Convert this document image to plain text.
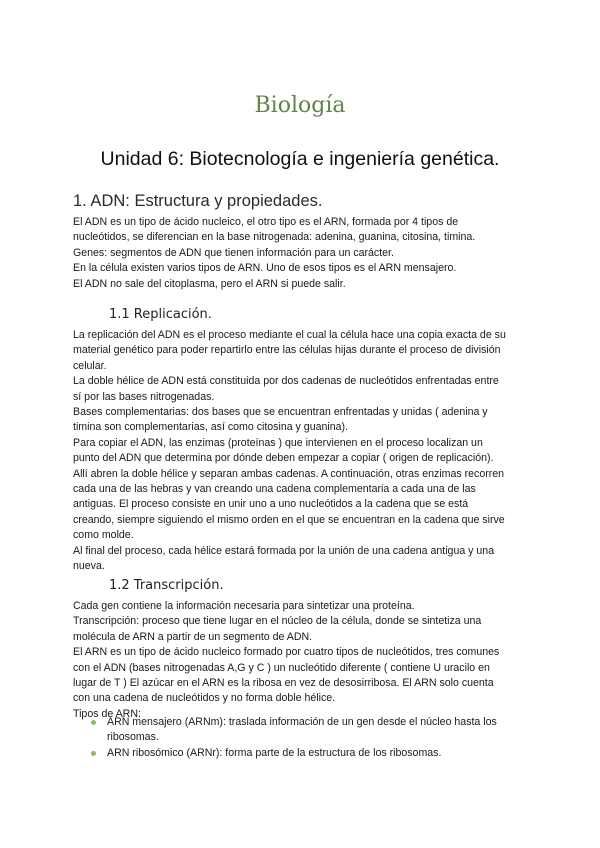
Biología
Unidad 6: Biotecnología e ingeniería genética.
1. ADN: Estructura y propiedades.
El ADN es un tipo de ácido nucleico, el otro tipo es el ARN, formada por 4 tipos de
nucleótidos, se diferencian en la base nitrogenada: adenina, guanina, citosina, timina.
Genes: segmentos de ADN que tienen información para un carácter.
En la célula existen varios tipos de ARN. Uno de esos tipos es el ARN mensajero.
El ADN no sale del citoplasma, pero el ARN si puede salir.
1.1 Replicación.
La replicación del ADN es el proceso mediante el cual la célula hace una copia exacta de su
material genético para poder repartirlo entre las células hijas durante el proceso de división
celular.
La doble hélice de ADN está constituida por dos cadenas de nucleótidos enfrentadas entre
sí por las bases nitrogenadas.
Bases complementarias: dos bases que se encuentran enfrentadas y unidas ( adenina y
timina son complementarias, así como citosina y guanina).
Para copiar el ADN, las enzimas (proteínas ) que intervienen en el proceso localizan un
punto del ADN que determina por dónde deben empezar a copiar ( origen de replicación).
Allí abren la doble hélice y separan ambas cadenas. A continuación, otras enzimas recorren
cada una de las hebras y van creando una cadena complementaria a cada una de las
antiguas. El proceso consiste en unir uno a uno nucleótidos a la cadena que se está
creando, siempre siguiendo el mismo orden en el que se encuentran en la cadena que sirve
como molde.
Al final del proceso, cada hélice estará formada por la unión de una cadena antigua y una
nueva.
1.2 Transcripción.
Cada gen contiene la información necesaria para sintetizar una proteína.
Transcripción: proceso que tiene lugar en el núcleo de la célula, donde se sintetiza una
molécula de ARN a partir de un segmento de ADN.
El ARN es un tipo de ácido nucleico formado por cuatro tipos de nucleótidos, tres comunes
con el ADN (bases nitrogenadas A,G y C ) un nucleótido diferente ( contiene U uracilo en
lugar de T ) El azúcar en el ARN es la ribosa en vez de desosirribosa. El ARN solo cuenta
con una cadena de nucleótidos y no forma doble hélice.
Tipos de ARN:
ARN mensajero (ARNm): traslada información de un gen desde el núcleo hasta los
ribosomas.
ARN ribosómico (ARNr): forma parte de la estructura de los ribosomas.
